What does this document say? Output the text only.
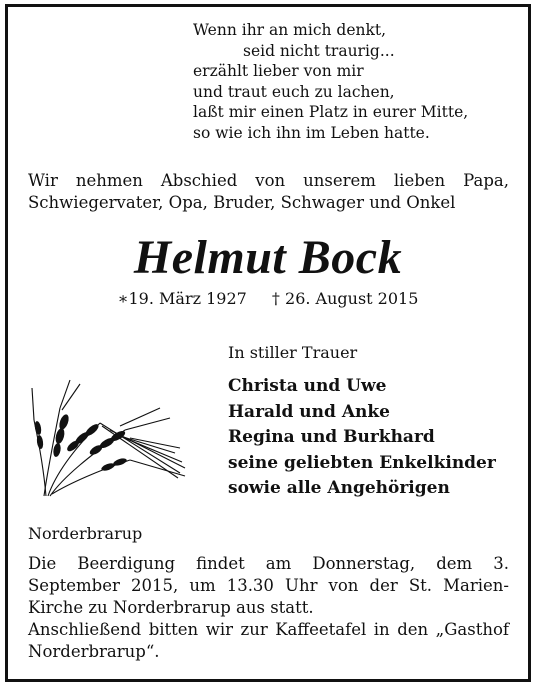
Wenn ihr an mich denkt,
seid nicht traurig...
erzählt lieber von mir
und traut euch zu lachen,
laßt mir einen Platz in eurer Mitte,
so wie ich ihn im Leben hatte.
Wir nehmen Abschied von unserem lieben Papa, Schwiegervater, Opa, Bruder, Schwager und Onkel
Helmut Bock
∗19. März 1927 † 26. August 2015
In stiller Trauer
Christa und Uwe
Harald und Anke
Regina und Burkhard
seine geliebten Enkelkinder
sowie alle Angehörigen
Norderbrarup

Die Beerdigung findet am Donnerstag, dem 3. September 2015, um 13.30 Uhr von der St. Marien-Kirche zu Norderbrarup aus statt.

Anschließend bitten wir zur Kaffeetafel in den „Gasthof Norderbrarup“.
